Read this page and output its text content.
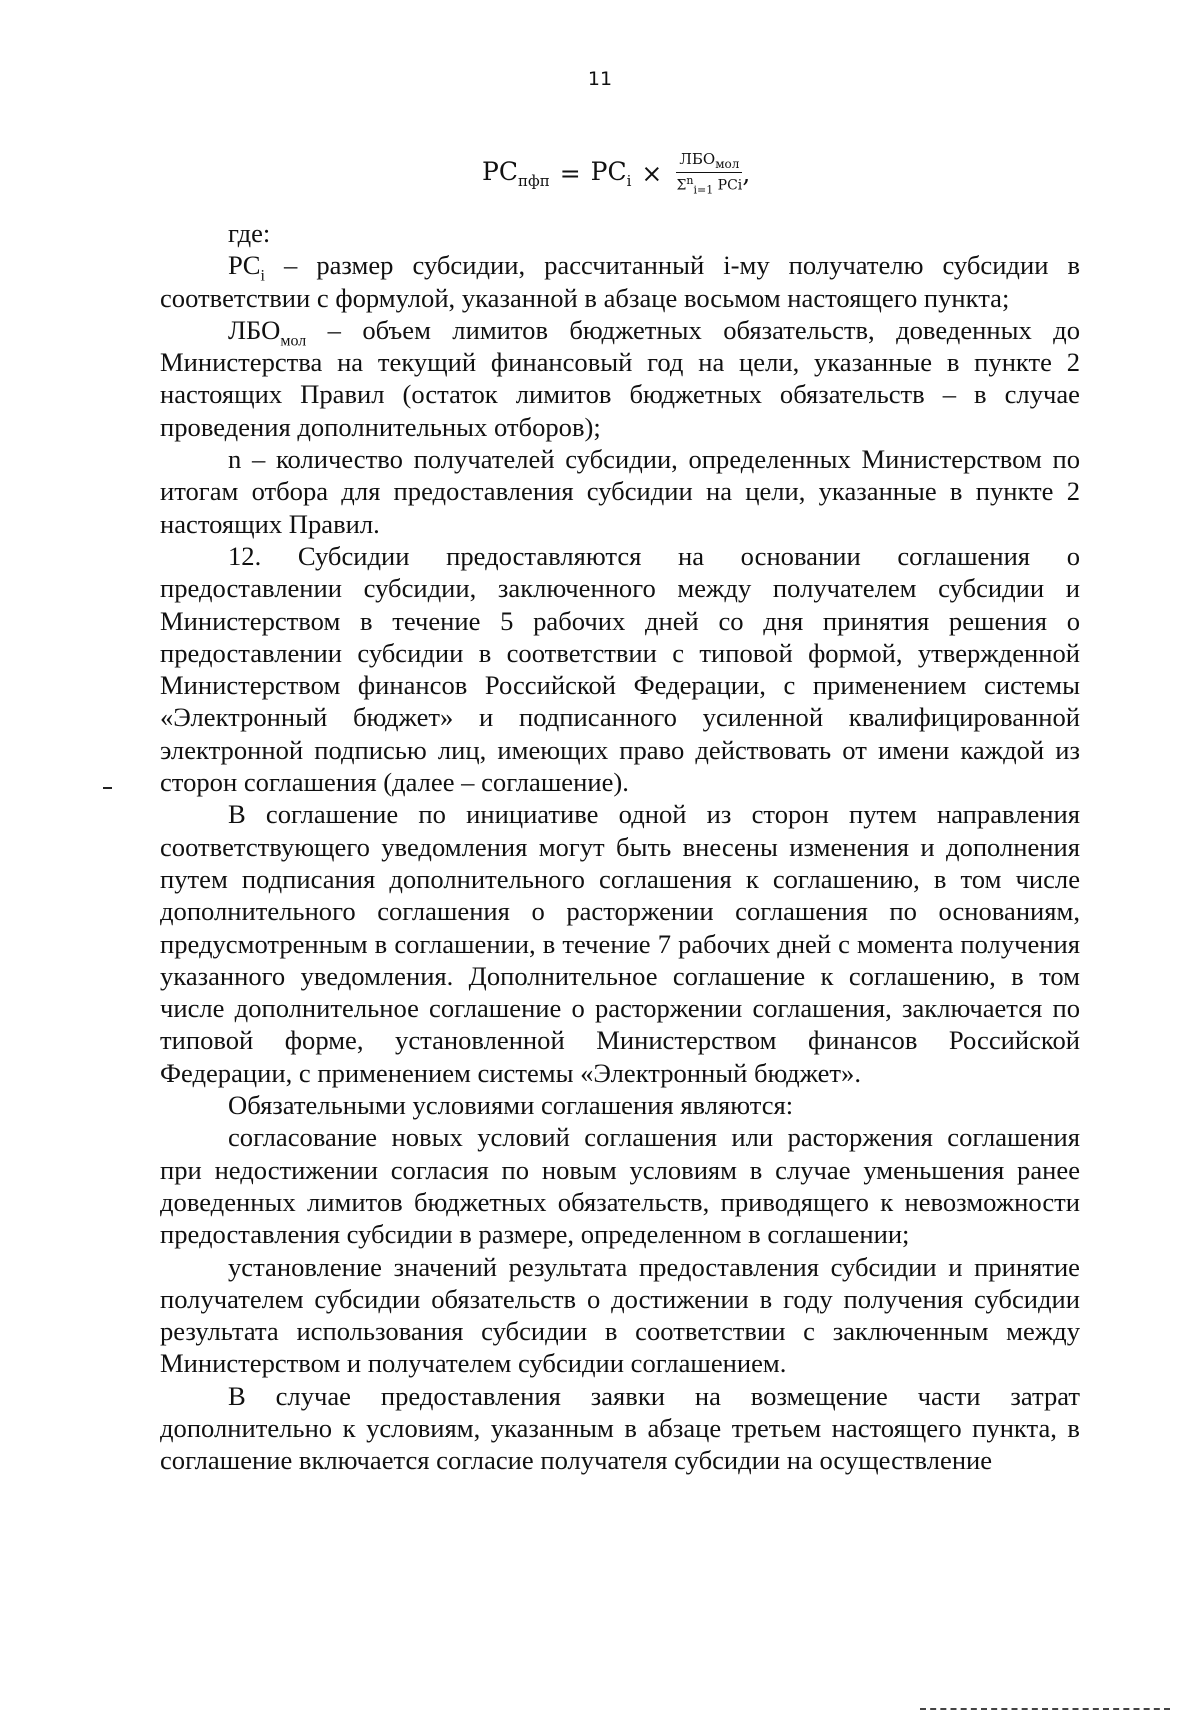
11
$PC_{пфп} = PC_i \times \frac{ЛБО_{мол}}{\Sigma^n_{i=1} PCi}$ ,

где:

$PC_i$ – размер субсидии, рассчитанный i-му получателю субсидии в соответствии с формулой, указанной в абзаце восьмом настоящего пункта;

$ЛБО_{мол}$ – объем лимитов бюджетных обязательств, доведенных до Министерства на текущий финансовый год на цели, указанные в пункте 2 настоящих Правил (остаток лимитов бюджетных обязательств – в случае проведения дополнительных отборов);

n – количество получателей субсидии, определенных Министерством по итогам отбора для предоставления субсидии на цели, указанные в пункте 2 настоящих Правил.

12. Субсидии предоставляются на основании соглашения о предоставлении субсидии, заключенного между получателем субсидии и Министерством в течение 5 рабочих дней со дня принятия решения о предоставлении субсидии в соответствии с типовой формой, утвержденной Министерством финансов Российской Федерации, с применением системы «Электронный бюджет» и подписанного усиленной квалифицированной электронной подписью лиц, имеющих право действовать от имени каждой из сторон соглашения (далее – соглашение).

В соглашение по инициативе одной из сторон путем направления соответствующего уведомления могут быть внесены изменения и дополнения путем подписания дополнительного соглашения к соглашению, в том числе дополнительного соглашения о расторжении соглашения по основаниям, предусмотренным в соглашении, в течение 7 рабочих дней с момента получения указанного уведомления. Дополнительное соглашение к соглашению, в том числе дополнительное соглашение о расторжении соглашения, заключается по типовой форме, установленной Министерством финансов Российской Федерации, с применением системы «Электронный бюджет».

Обязательными условиями соглашения являются:

согласование новых условий соглашения или расторжения соглашения при недостижении согласия по новым условиям в случае уменьшения ранее доведенных лимитов бюджетных обязательств, приводящего к невозможности предоставления субсидии в размере, определенном в соглашении;

установление значений результата предоставления субсидии и принятие получателем субсидии обязательств о достижении в году получения субсидии результата использования субсидии в соответствии с заключенным между Министерством и получателем субсидии соглашением.

В случае предоставления заявки на возмещение части затрат дополнительно к условиям, указанным в абзаце третьем настоящего пункта, в соглашение включается согласие получателя субсидии на осуществление
